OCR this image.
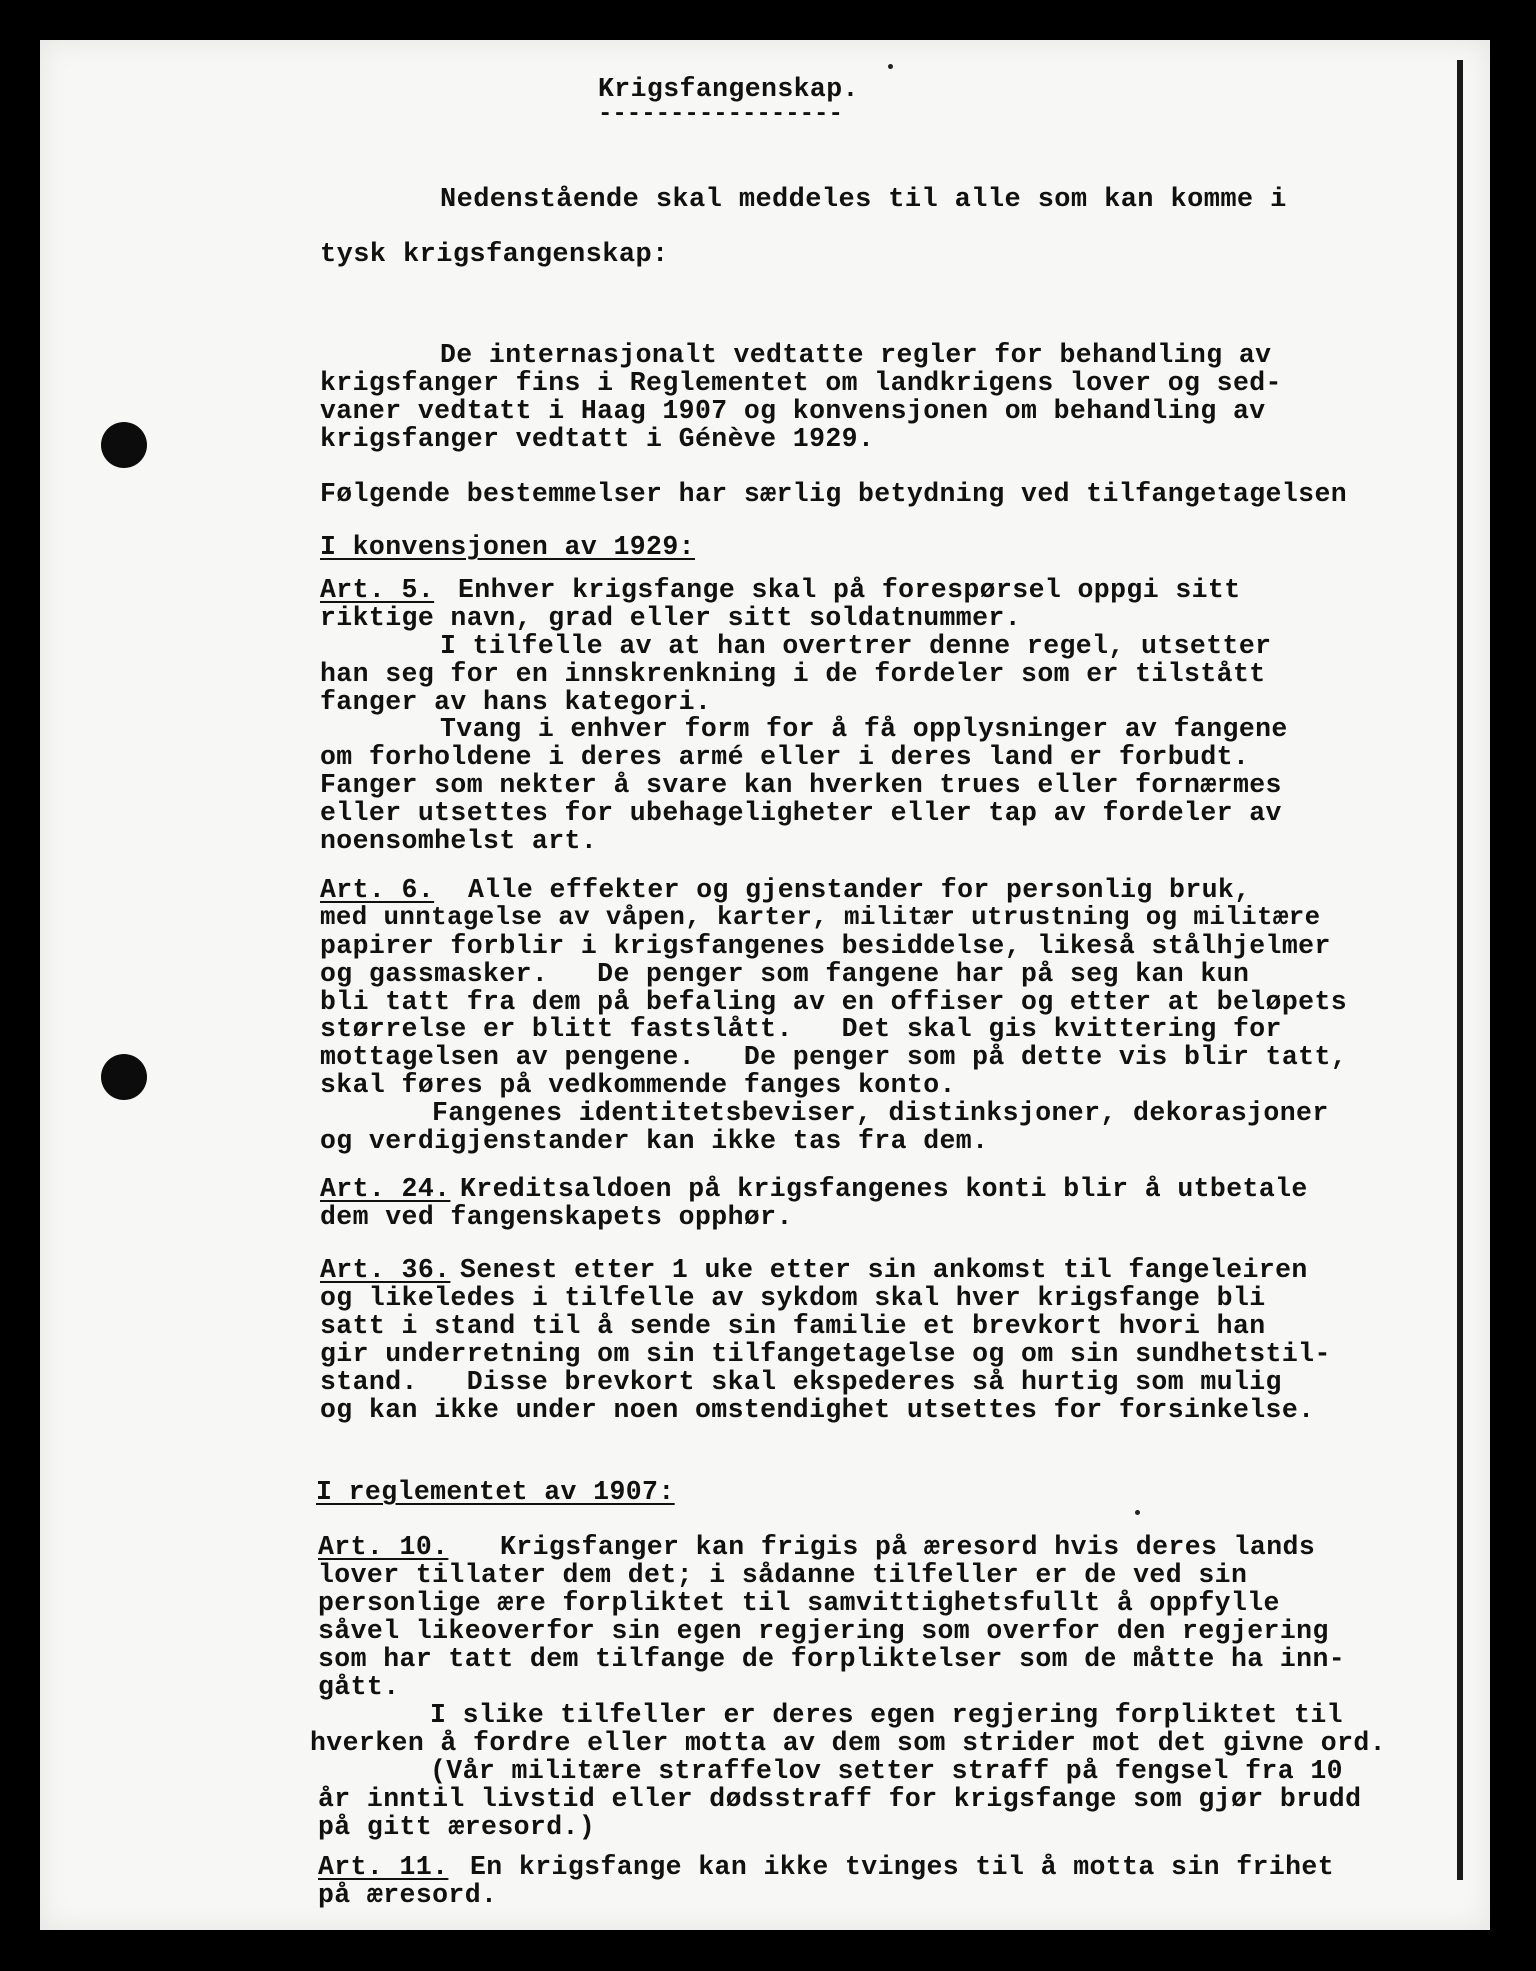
Krigsfangenskap.
-----------------
Nedenstående skal meddeles til alle som kan komme i
tysk krigsfangenskap:
De internasjonalt vedtatte regler for behandling av
krigsfanger fins i Reglementet om landkrigens lover og sed-
vaner vedtatt i Haag 1907 og konvensjonen om behandling av
krigsfanger vedtatt i Génève 1929.
Følgende bestemmelser har særlig betydning ved tilfangetagelsen
I konvensjonen av 1929:
Art. 5. Enhver krigsfange skal på forespørsel oppgi sitt
riktige navn, grad eller sitt soldatnummer.
I tilfelle av at han overtrer denne regel, utsetter
han seg for en innskrenkning i de fordeler som er tilstått
fanger av hans kategori.
Tvang i enhver form for å få opplysninger av fangene
om forholdene i deres armé eller i deres land er forbudt.
Fanger som nekter å svare kan hverken trues eller fornærmes
eller utsettes for ubehageligheter eller tap av fordeler av
noensomhelst art.
Art. 6. Alle effekter og gjenstander for personlig bruk,
med unntagelse av våpen, karter, militær utrustning og militære
papirer forblir i krigsfangenes besiddelse, likeså stålhjelmer
og gassmasker.   De penger som fangene har på seg kan kun
bli tatt fra dem på befaling av en offiser og etter at beløpets
størrelse er blitt fastslått.   Det skal gis kvittering for
mottagelsen av pengene.   De penger som på dette vis blir tatt,
skal føres på vedkommende fanges konto.
Fangenes identitetsbeviser, distinksjoner, dekorasjoner
og verdigjenstander kan ikke tas fra dem.
Art. 24. Kreditsaldoen på krigsfangenes konti blir å utbetale
dem ved fangenskapets opphør.
Art. 36. Senest etter 1 uke etter sin ankomst til fangeleiren
og likeledes i tilfelle av sykdom skal hver krigsfange bli
satt i stand til å sende sin familie et brevkort hvori han
gir underretning om sin tilfangetagelse og om sin sundhetstil-
stand.   Disse brevkort skal ekspederes så hurtig som mulig
og kan ikke under noen omstendighet utsettes for forsinkelse.
I reglementet av 1907:
Art. 10. Krigsfanger kan frigis på æresord hvis deres lands
lover tillater dem det; i sådanne tilfeller er de ved sin
personlige ære forpliktet til samvittighetsfullt å oppfylle
såvel likeoverfor sin egen regjering som overfor den regjering
som har tatt dem tilfange de forpliktelser som de måtte ha inn-
gått.
I slike tilfeller er deres egen regjering forpliktet til
hverken å fordre eller motta av dem som strider mot det givne ord.
(Vår militære straffelov setter straff på fengsel fra 10
år inntil livstid eller dødsstraff for krigsfange som gjør brudd
på gitt æresord.)
Art. 11. En krigsfange kan ikke tvinges til å motta sin frihet
på æresord.
